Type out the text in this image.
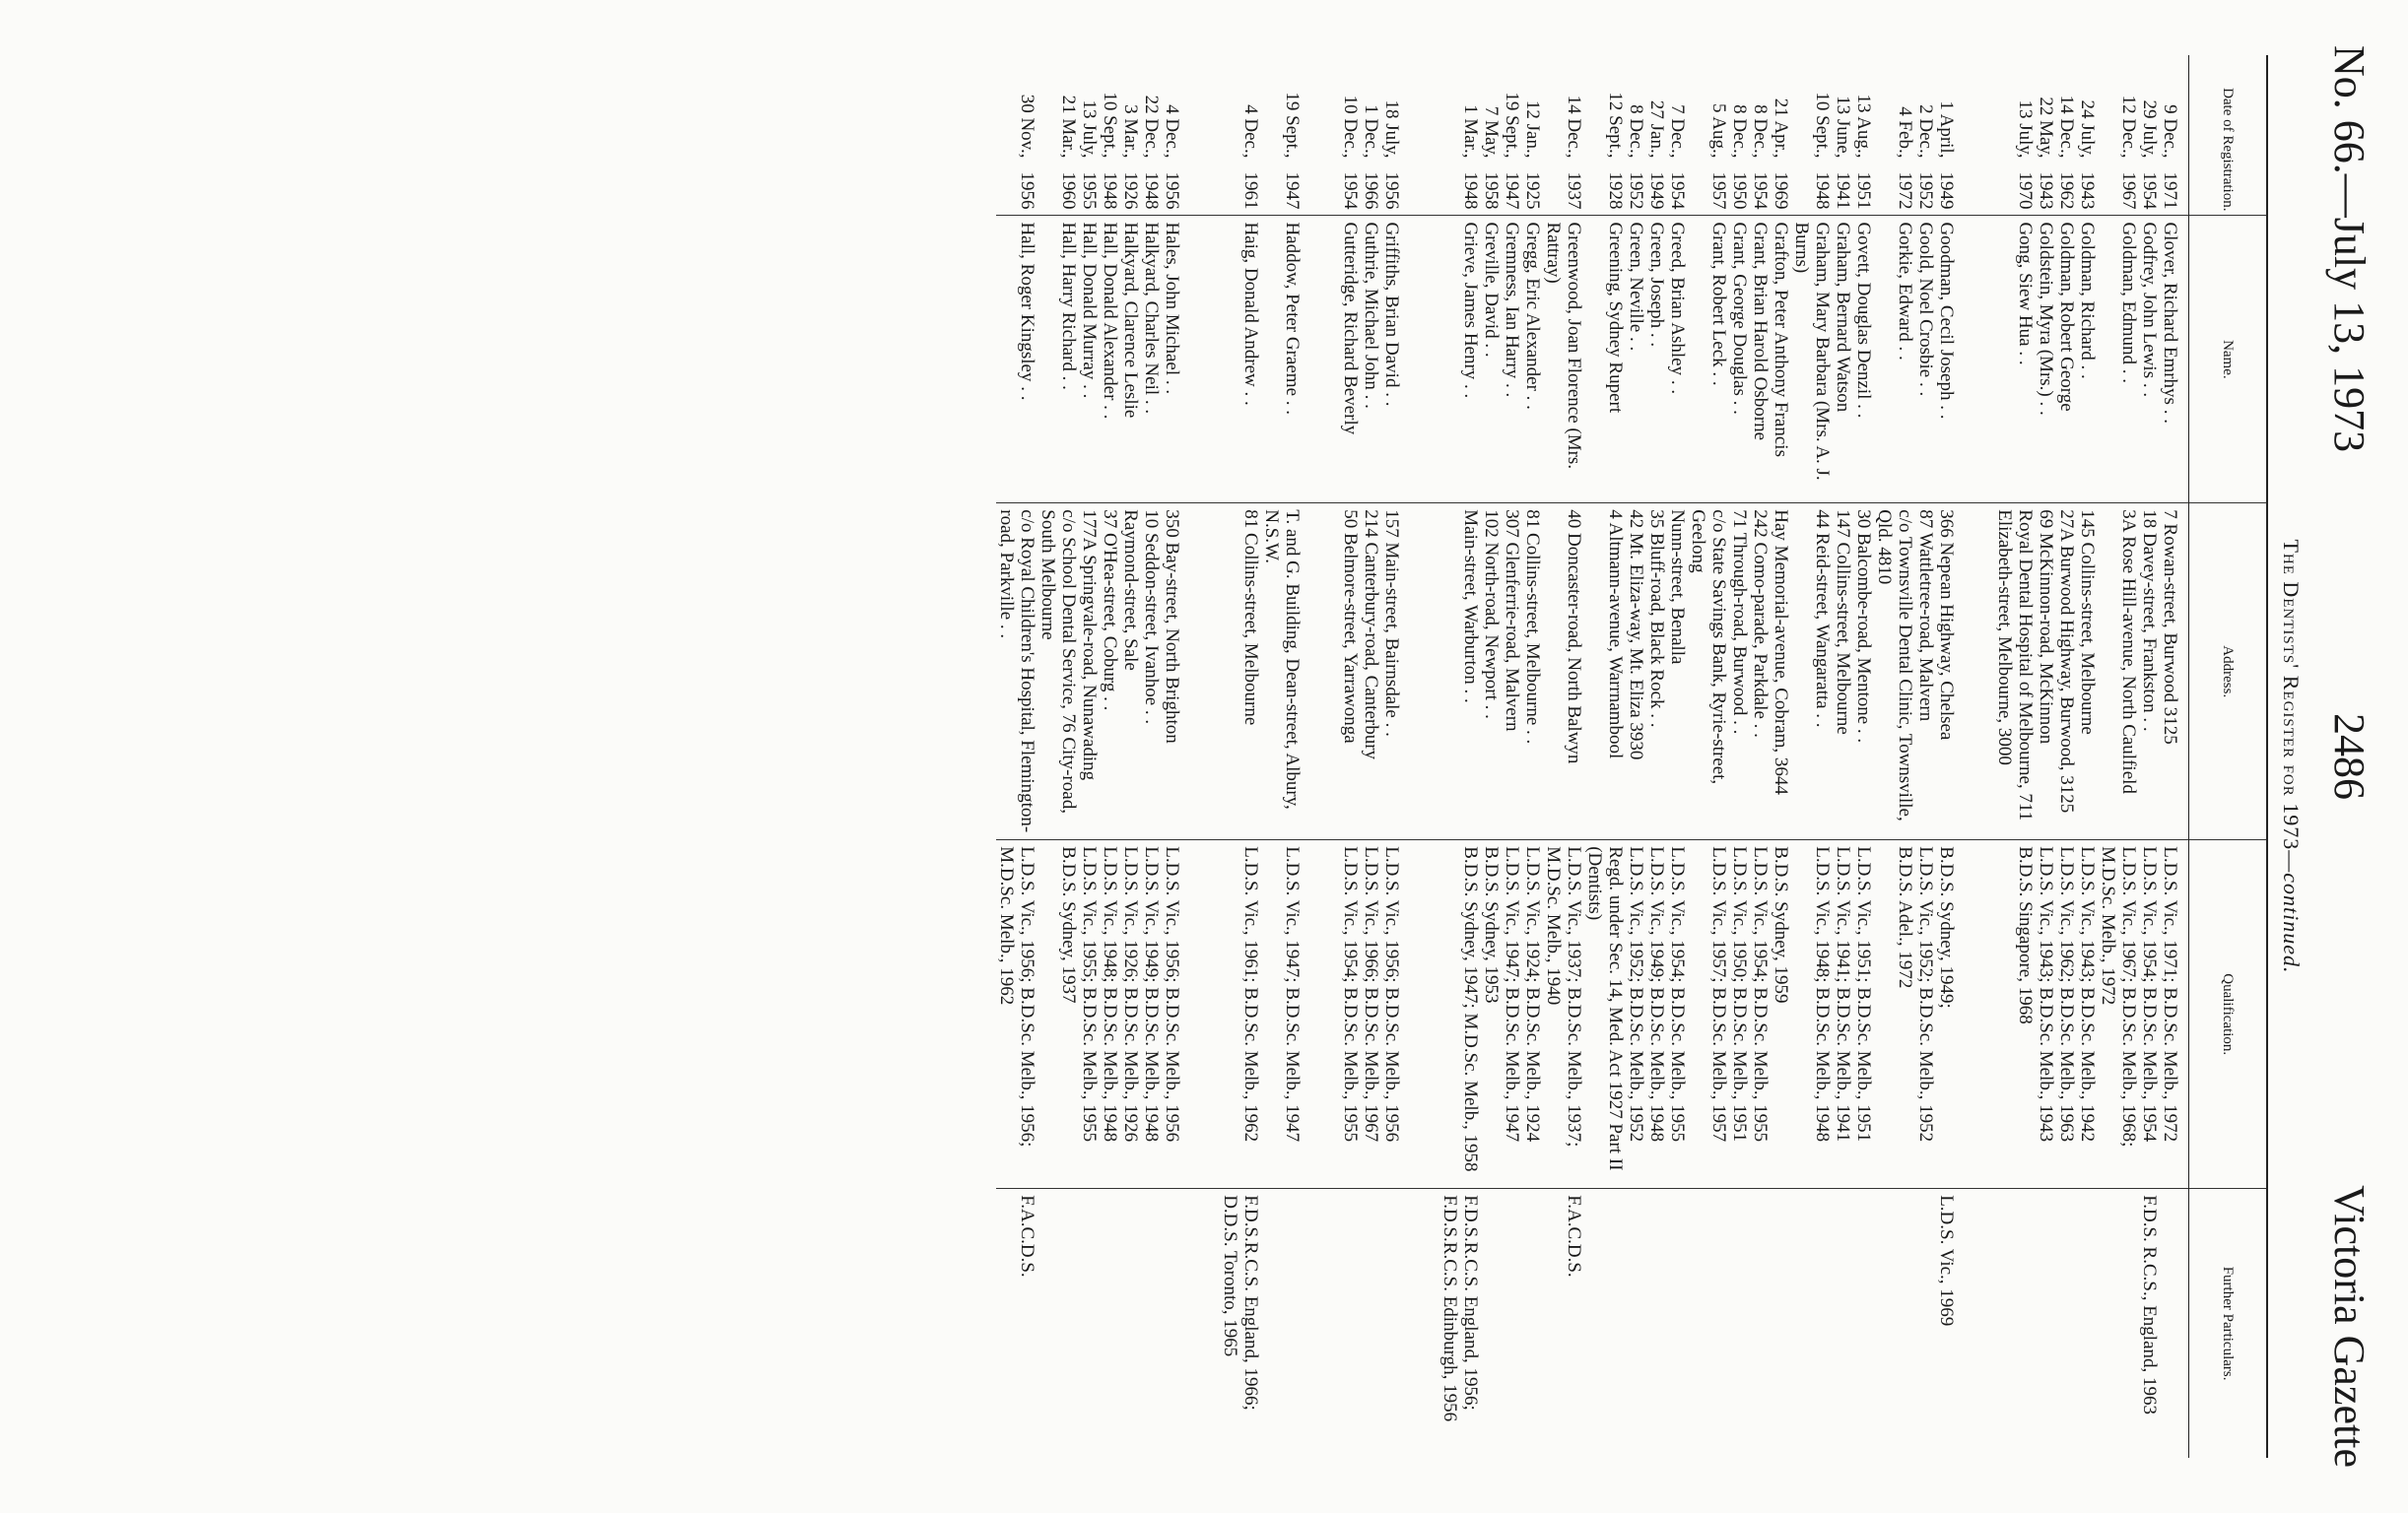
No. 66.—July 13, 1973
2486
Victoria Gazette
The Dentists' Register for 1973—continued.
Date of Registration.	Name.	Address.	Qualification.	Further Particulars.
9 Dec.,1971	Glover, Richard Emrhys . .	7 Rowan-street, Burwood 3125	L.D.S. Vic., 1971; B.D.Sc. Melb., 1972	
29 July,1954	Godfrey, John Lewis . .	18 Davey-street, Frankston . .	L.D.S. Vic., 1954; B.D.Sc. Melb., 1954	F.D.S. R.C.S., England, 1963
12 Dec.,1967	Goldman, Edmund . .	3A Rose Hill-avenue, North Caulfield	L.D.S. Vic., 1967; B.D.Sc. Melb., 1968; M.D.Sc. Melb., 1972	
24 July,1943	Goldman, Richard . .	145 Collins-street, Melbourne	L.D.S. Vic., 1943; B.D.Sc. Melb., 1942	
14 Dec.,1962	Goldman, Robert George	27A Burwood Highway, Burwood, 3125	L.D.S. Vic., 1962; B.D.Sc. Melb., 1963	
22 May,1943	Goldstein, Myra (Mrs.) . .	69 McKinnon-road, McKinnon	L.D.S. Vic., 1943; B.D.Sc. Melb., 1943	
13 July,1970	Gong, Siew Hua . .	Royal Dental Hospital of Melbourne, 711 Elizabeth-street, Melbourne, 3000	B.D.S. Singapore, 1968	

1 April,1949	Goodman, Cecil Joseph . .	366 Nepean Highway, Chelsea	B.D.S. Sydney, 1949;	L.D.S. Vic., 1969
2 Dec.,1952	Goold, Noel Crosbie . .	87 Wattletree-road, Malvern	L.D.S. Vic., 1952; B.D.Sc. Melb., 1952	
4 Feb.,1972	Gorkie, Edward . .	c/o Townsville Dental Clinic, Townsville, Qld. 4810	B.D.S. Adel., 1972	
13 Aug.,1951	Govett, Douglas Denzil . .	30 Balcombe-road, Mentone . .	L.D.S. Vic., 1951; B.D.Sc. Melb., 1951	
13 June,1941	Graham, Bernard Watson	147 Collins-street, Melbourne	L.D.S. Vic., 1941; B.D.Sc. Melb., 1941	
10 Sept.,1948	Graham, Mary Barbara (Mrs. A. J. Burns)	44 Reid-street, Wangaratta . .	L.D.S. Vic., 1948; B.D.Sc. Melb., 1948	
21 Apr.,1969	Grafton, Peter Anthony Francis	Hay Memorial-avenue, Cobram, 3644	B.D.S. Sydney, 1959	
8 Dec.,1954	Grant, Brian Harold Osborne	242 Como-parade, Parkdale . .	L.D.S. Vic., 1954; B.D.Sc. Melb., 1955	
8 Dec.,1950	Grant, George Douglas . .	71 Through-road, Burwood . .	L.D.S. Vic., 1950; B.D.Sc. Melb., 1951	
5 Aug.,1957	Grant, Robert Leck . .	c/o State Savings Bank, Ryrie-street, Geelong	L.D.S. Vic., 1957; B.D.Sc. Melb., 1957	
7 Dec.,1954	Greed, Brian Ashley . .	Nunn-street, Benalla	L.D.S. Vic., 1954; B.D.Sc. Melb., 1955	
27 Jan.,1949	Green, Joseph . .	35 Bluff-road, Black Rock . .	L.D.S. Vic., 1949; B.D.Sc. Melb., 1948	
8 Dec.,1952	Green, Neville . .	42 Mt. Eliza-way, Mt. Eliza 3930	L.D.S. Vic., 1952; B.D.Sc. Melb., 1952	
12 Sept.,1928	Greening, Sydney Rupert	4 Altmann-avenue, Warrnambool	Regd. under Sec. 14, Med. Act 1927 Part II (Dentists)	
14 Dec.,1937	Greenwood, Joan Florence (Mrs. Rattray)	40 Doncaster-road, North Balwyn	L.D.S. Vic., 1937; B.D.Sc. Melb., 1937; M.D.Sc. Melb., 1940	F.A.C.D.S.
12 Jan.,1925	Gregg, Eric Alexander . .	81 Collins-street, Melbourne . .	L.D.S. Vic., 1924; B.D.Sc. Melb., 1924	
19 Sept.,1947	Gremness, Ian Harry . .	307 Glenferrie-road, Malvern	L.D.S. Vic., 1947; B.D.Sc. Melb., 1947	
7 May,1958	Greville, David . .	102 North-road, Newport . .	B.D.S. Sydney, 1953	
1 Mar.,1948	Grieve, James Henry . .	Main-street, Warburton . .	B.D.S. Sydney, 1947; M.D.Sc. Melb., 1958	F.D.S.R.C.S. England, 1956; F.D.S.R.C.S. Edinburgh, 1956

18 July,1956	Griffiths, Brian David . .	157 Main-street, Bairnsdale . .	L.D.S. Vic., 1956; B.D.Sc. Melb., 1956	
1 Dec.,1966	Guthrie, Michael John . .	214 Canterbury-road, Canterbury	L.D.S. Vic., 1966; B.D.Sc. Melb., 1967	
10 Dec.,1954	Gutteridge, Richard Beverly	50 Belmore-street, Yarrawonga	L.D.S. Vic., 1954; B.D.Sc. Melb., 1955	

19 Sept.,1947	Haddow, Peter Graeme . .	T. and G. Building, Dean-street, Albury, N.S.W.	L.D.S. Vic., 1947; B.D.Sc. Melb., 1947	
4 Dec.,1961	Haig, Donald Andrew . .	81 Collins-street, Melbourne	L.D.S. Vic., 1961; B.D.Sc. Melb., 1962	F.D.S.R.C.S. England, 1966; D.D.S. Toronto, 1965

4 Dec.,1956	Hales, John Michael . .	350 Bay-street, North Brighton	L.D.S. Vic., 1956; B.D.Sc. Melb., 1956	
22 Dec.,1948	Halkyard, Charles Neil . .	10 Seddon-street, Ivanhoe . .	L.D.S. Vic., 1949; B.D.Sc. Melb., 1948	
3 Mar.,1926	Halkyard, Clarence Leslie	Raymond-street, Sale	L.D.S. Vic., 1926; B.D.Sc. Melb., 1926	
10 Sept.,1948	Hall, Donald Alexander . .	37 O'Hea-street, Coburg . .	L.D.S. Vic., 1948; B.D.Sc. Melb., 1948	
13 July,1955	Hall, Donald Murray . .	177A Springvale-road, Nunawading	L.D.S. Vic., 1955; B.D.Sc. Melb., 1955	
21 Mar.,1960	Hall, Harry Richard . .	c/o School Dental Service, 76 City-road, South Melbourne	B.D.S. Sydney, 1937	
30 Nov.,1956	Hall, Roger Kingsley . .	c/o Royal Children's Hospital, Flemington-road, Parkville . .	L.D.S. Vic., 1956; B.D.Sc. Melb., 1956; M.D.Sc. Melb., 1962	F.A.C.D.S.
